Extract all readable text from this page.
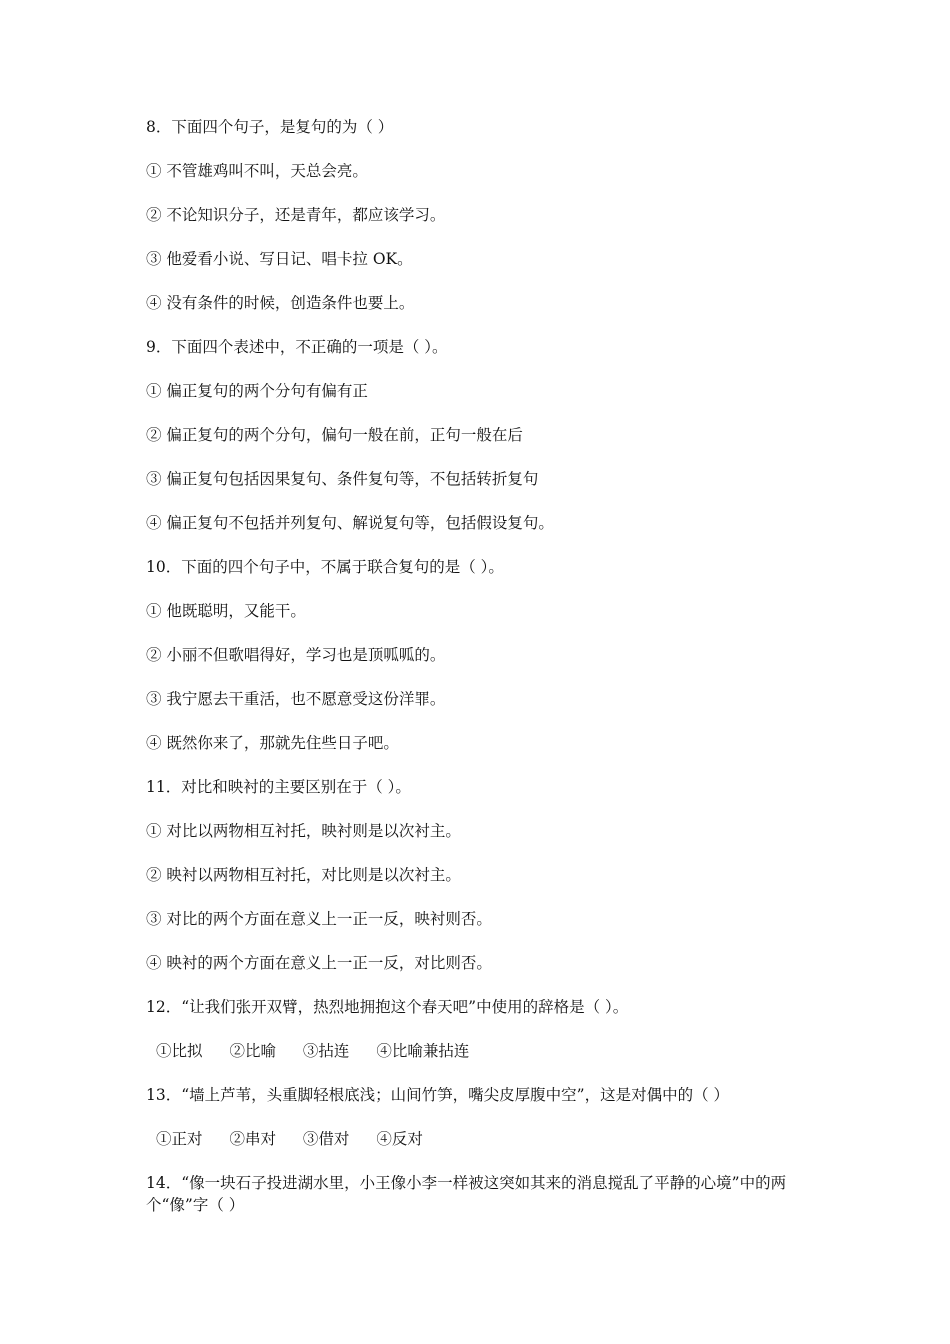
8．下面四个句子，是复句的为（ ）
① 不管雄鸡叫不叫，天总会亮。
② 不论知识分子，还是青年，都应该学习。
③ 他爱看小说、写日记、唱卡拉 OK。
④ 没有条件的时候，创造条件也要上。
9．下面四个表述中，不正确的一项是（ ）。
① 偏正复句的两个分句有偏有正
② 偏正复句的两个分句，偏句一般在前，正句一般在后
③ 偏正复句包括因果复句、条件复句等，不包括转折复句
④ 偏正复句不包括并列复句、解说复句等，包括假设复句。
10．下面的四个句子中，不属于联合复句的是（ ）。
① 他既聪明，又能干。
② 小丽不但歌唱得好，学习也是顶呱呱的。
③ 我宁愿去干重活，也不愿意受这份洋罪。
④ 既然你来了，那就先住些日子吧。
11．对比和映衬的主要区别在于（ ）。
① 对比以两物相互衬托，映衬则是以次衬主。
② 映衬以两物相互衬托，对比则是以次衬主。
③ 对比的两个方面在意义上一正一反，映衬则否。
④ 映衬的两个方面在意义上一正一反，对比则否。
12．“让我们张开双臂，热烈地拥抱这个春天吧”中使用的辞格是（ ）。
①比拟 ②比喻 ③拈连 ④比喻兼拈连
13．“墙上芦苇，头重脚轻根底浅；山间竹笋，嘴尖皮厚腹中空”，这是对偶中的（ ）
①正对 ②串对 ③借对 ④反对
14．“像一块石子投进湖水里，小王像小李一样被这突如其来的消息搅乱了平静的心境”中的两个“像”字（ ）
